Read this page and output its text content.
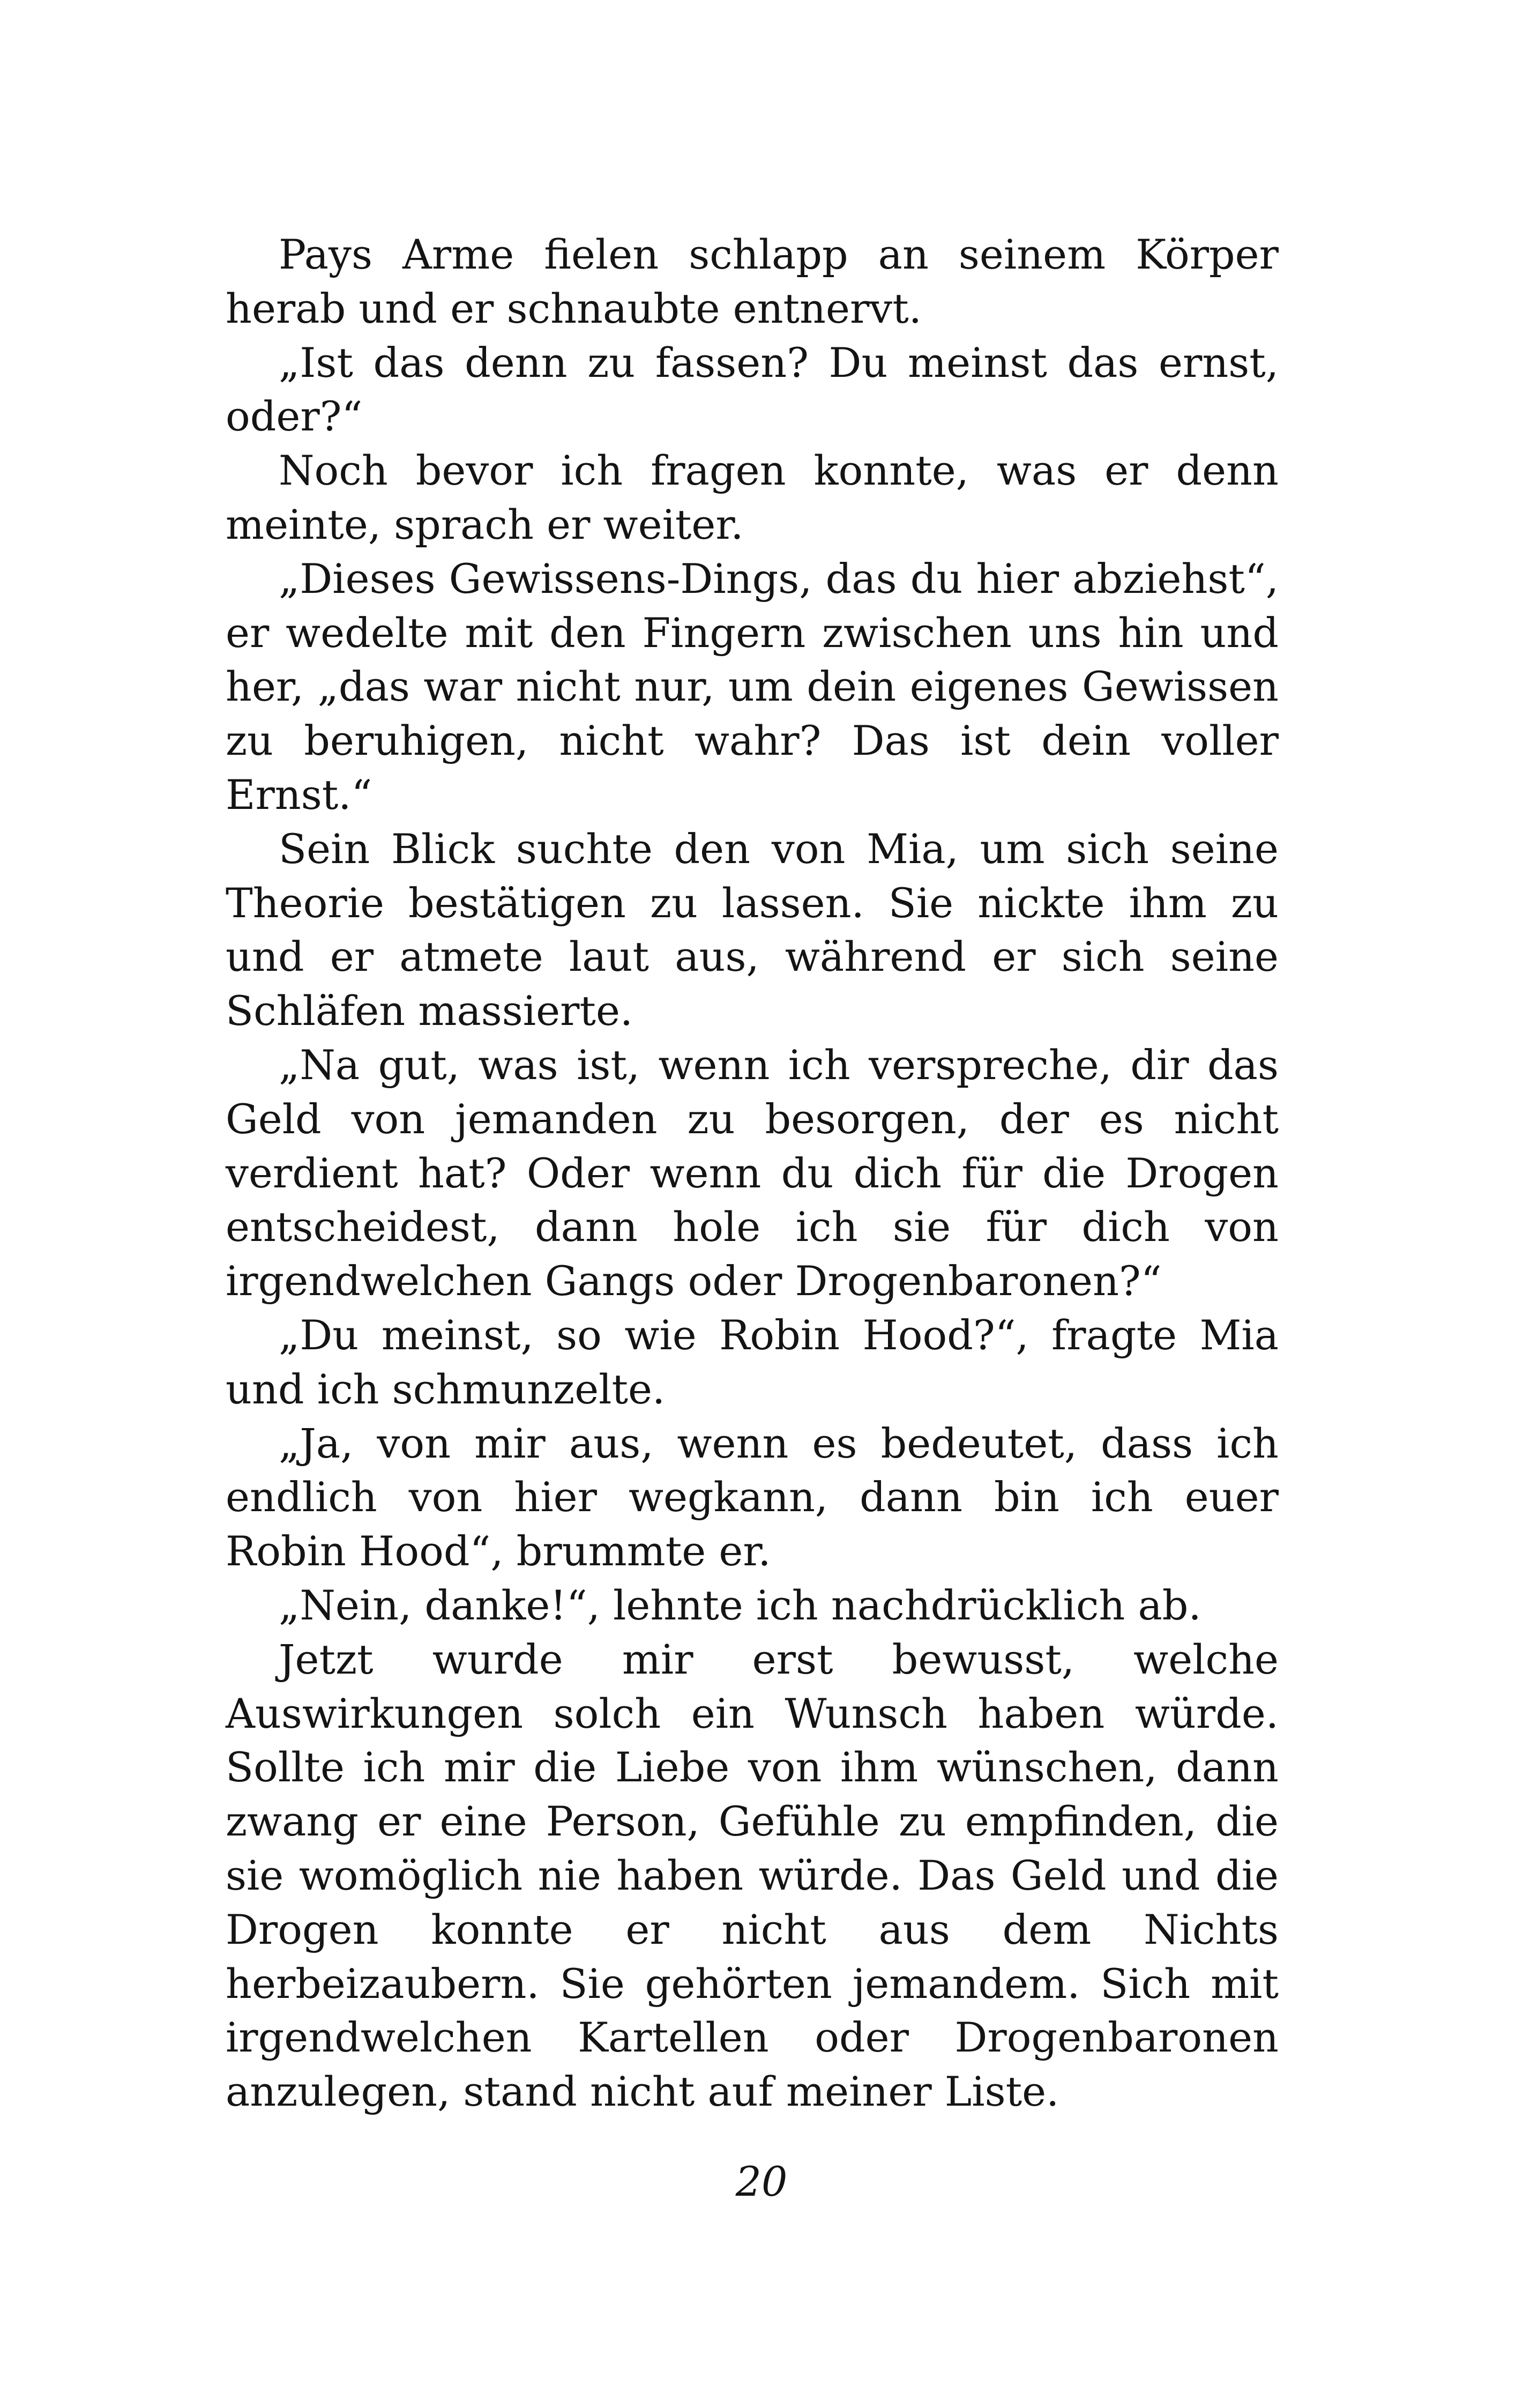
Pays Arme fielen schlapp an seinem Körper herab und er schnaubte entnervt.

„Ist das denn zu fassen? Du meinst das ernst, oder?“

Noch bevor ich fragen konnte, was er denn meinte, sprach er weiter.

„Dieses Gewissens-Dings, das du hier abziehst“, er wedelte mit den Fingern zwischen uns hin und her, „das war nicht nur, um dein eigenes Gewissen zu beruhigen, nicht wahr? Das ist dein voller Ernst.“

Sein Blick suchte den von Mia, um sich seine Theorie bestätigen zu lassen. Sie nickte ihm zu und er atmete laut aus, während er sich seine Schläfen massierte.

„Na gut, was ist, wenn ich verspreche, dir das Geld von jemanden zu besorgen, der es nicht verdient hat? Oder wenn du dich für die Drogen entscheidest, dann hole ich sie für dich von irgendwelchen Gangs oder Drogenbaronen?“

„Du meinst, so wie Robin Hood?“, fragte Mia und ich schmunzelte.

„Ja, von mir aus, wenn es bedeutet, dass ich endlich von hier wegkann, dann bin ich euer Robin Hood“, brummte er.

„Nein, danke!“, lehnte ich nachdrücklich ab.

Jetzt wurde mir erst bewusst, welche Auswirkungen solch ein Wunsch haben würde. Sollte ich mir die Liebe von ihm wünschen, dann zwang er eine Person, Gefühle zu empfinden, die sie womöglich nie haben würde. Das Geld und die Drogen konnte er nicht aus dem Nichts herbeizaubern. Sie gehörten jemandem. Sich mit irgendwelchen Kartellen oder Drogenbaronen anzulegen, stand nicht auf meiner Liste.

20
